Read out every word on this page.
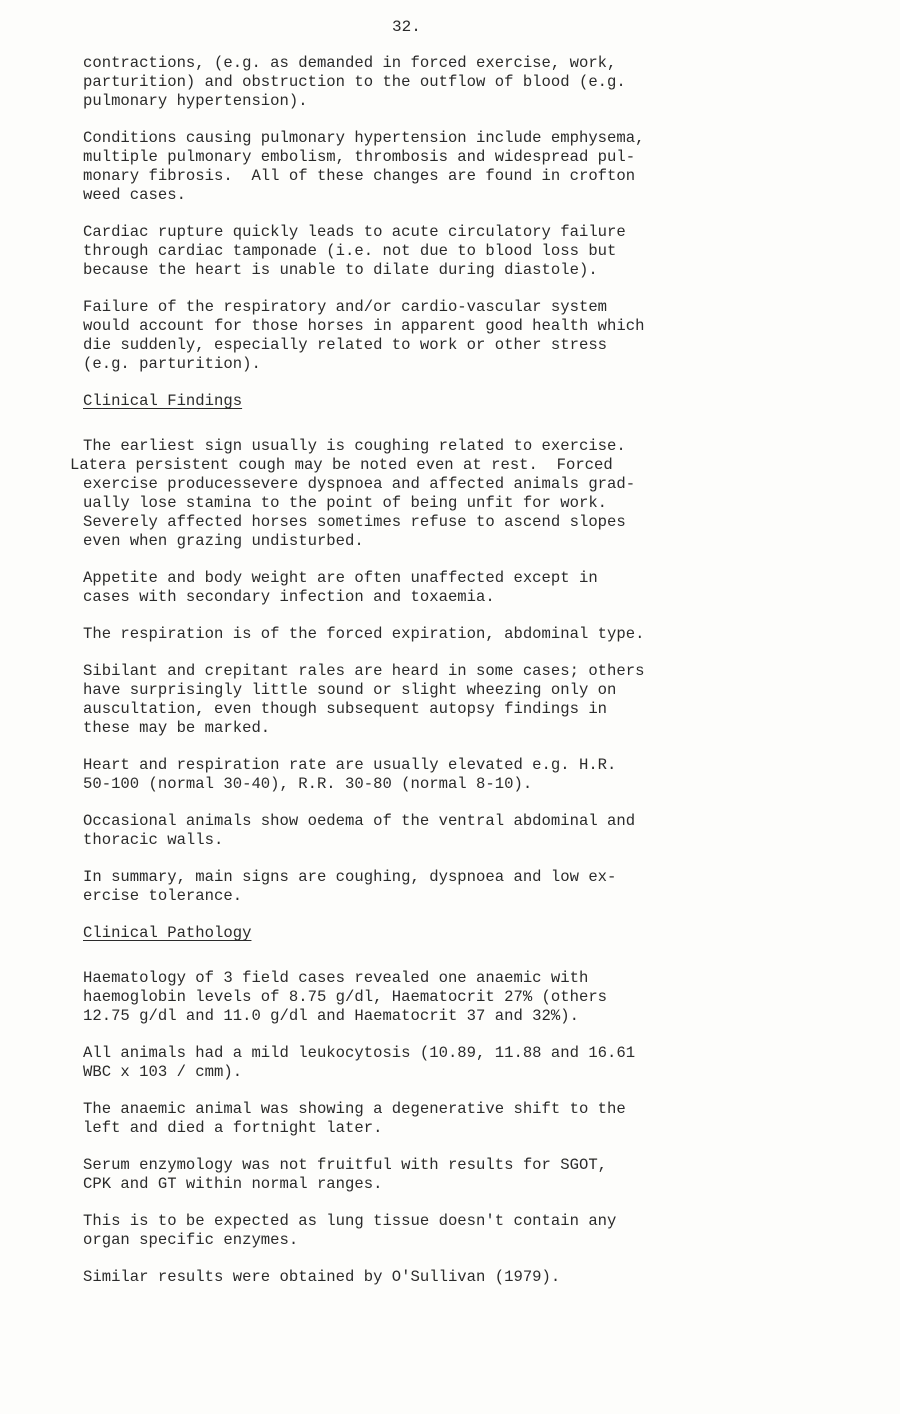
32.
contractions, (e.g. as demanded in forced exercise, work,
parturition) and obstruction to the outflow of blood (e.g.
pulmonary hypertension).
Conditions causing pulmonary hypertension include emphysema,
multiple pulmonary embolism, thrombosis and widespread pul-
monary fibrosis.  All of these changes are found in crofton
weed cases.
Cardiac rupture quickly leads to acute circulatory failure
through cardiac tamponade (i.e. not due to blood loss but
because the heart is unable to dilate during diastole).
Failure of the respiratory and/or cardio-vascular system
would account for those horses in apparent good health which
die suddenly, especially related to work or other stress
(e.g. parturition).
Clinical Findings
The earliest sign usually is coughing related to exercise.
Latera persistent cough may be noted even at rest.  Forced
exercise producessevere dyspnoea and affected animals grad-
ually lose stamina to the point of being unfit for work.
Severely affected horses sometimes refuse to ascend slopes
even when grazing undisturbed.
Appetite and body weight are often unaffected except in
cases with secondary infection and toxaemia.
The respiration is of the forced expiration, abdominal type.
Sibilant and crepitant rales are heard in some cases; others
have surprisingly little sound or slight wheezing only on
auscultation, even though subsequent autopsy findings in
these may be marked.
Heart and respiration rate are usually elevated e.g. H.R.
50-100 (normal 30-40), R.R. 30-80 (normal 8-10).
Occasional animals show oedema of the ventral abdominal and
thoracic walls.
In summary, main signs are coughing, dyspnoea and low ex-
ercise tolerance.
Clinical Pathology
Haematology of 3 field cases revealed one anaemic with
haemoglobin levels of 8.75 g/dl, Haematocrit 27% (others
12.75 g/dl and 11.0 g/dl and Haematocrit 37 and 32%).
All animals had a mild leukocytosis (10.89, 11.88 and 16.61
WBC x 103 / cmm).
The anaemic animal was showing a degenerative shift to the
left and died a fortnight later.
Serum enzymology was not fruitful with results for SGOT,
CPK and GT within normal ranges.
This is to be expected as lung tissue doesn't contain any
organ specific enzymes.
Similar results were obtained by O'Sullivan (1979).
